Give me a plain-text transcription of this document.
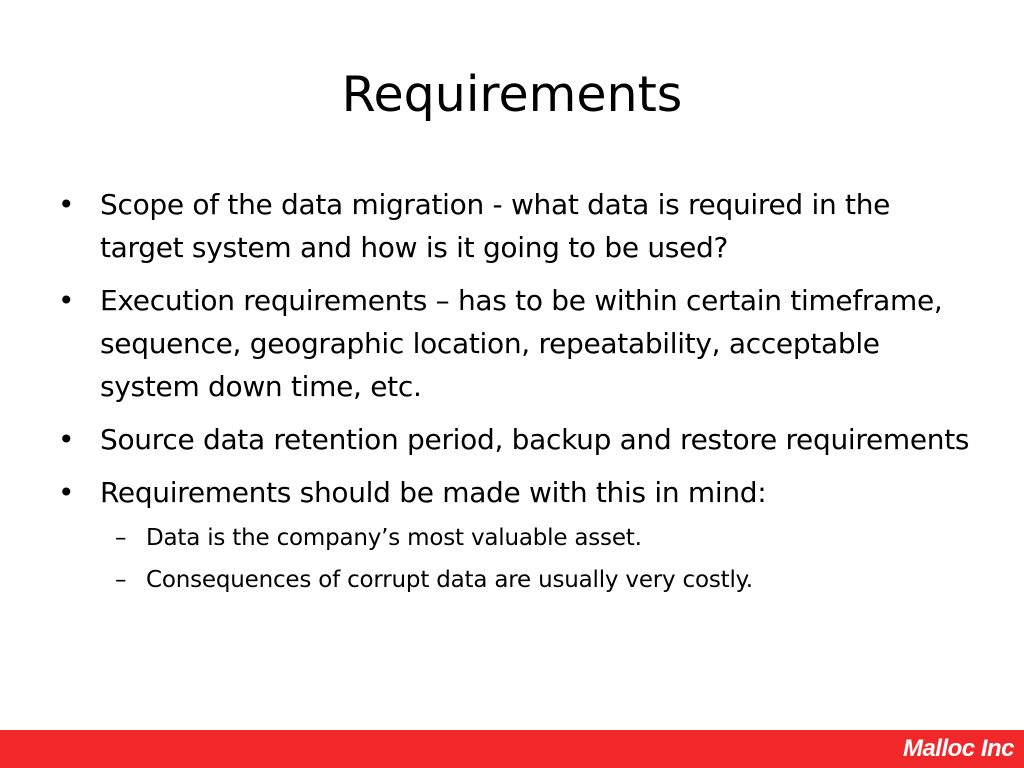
Requirements
• Scope of the data migration - what data is required in the target system and how is it going to be used?
• Execution requirements – has to be within certain timeframe, sequence, geographic location, repeatability, acceptable system down time, etc.
• Source data retention period, backup and restore requirements
• Requirements should be made with this in mind:
– Data is the company’s most valuable asset.
– Consequences of corrupt data are usually very costly.
Malloc Inc
